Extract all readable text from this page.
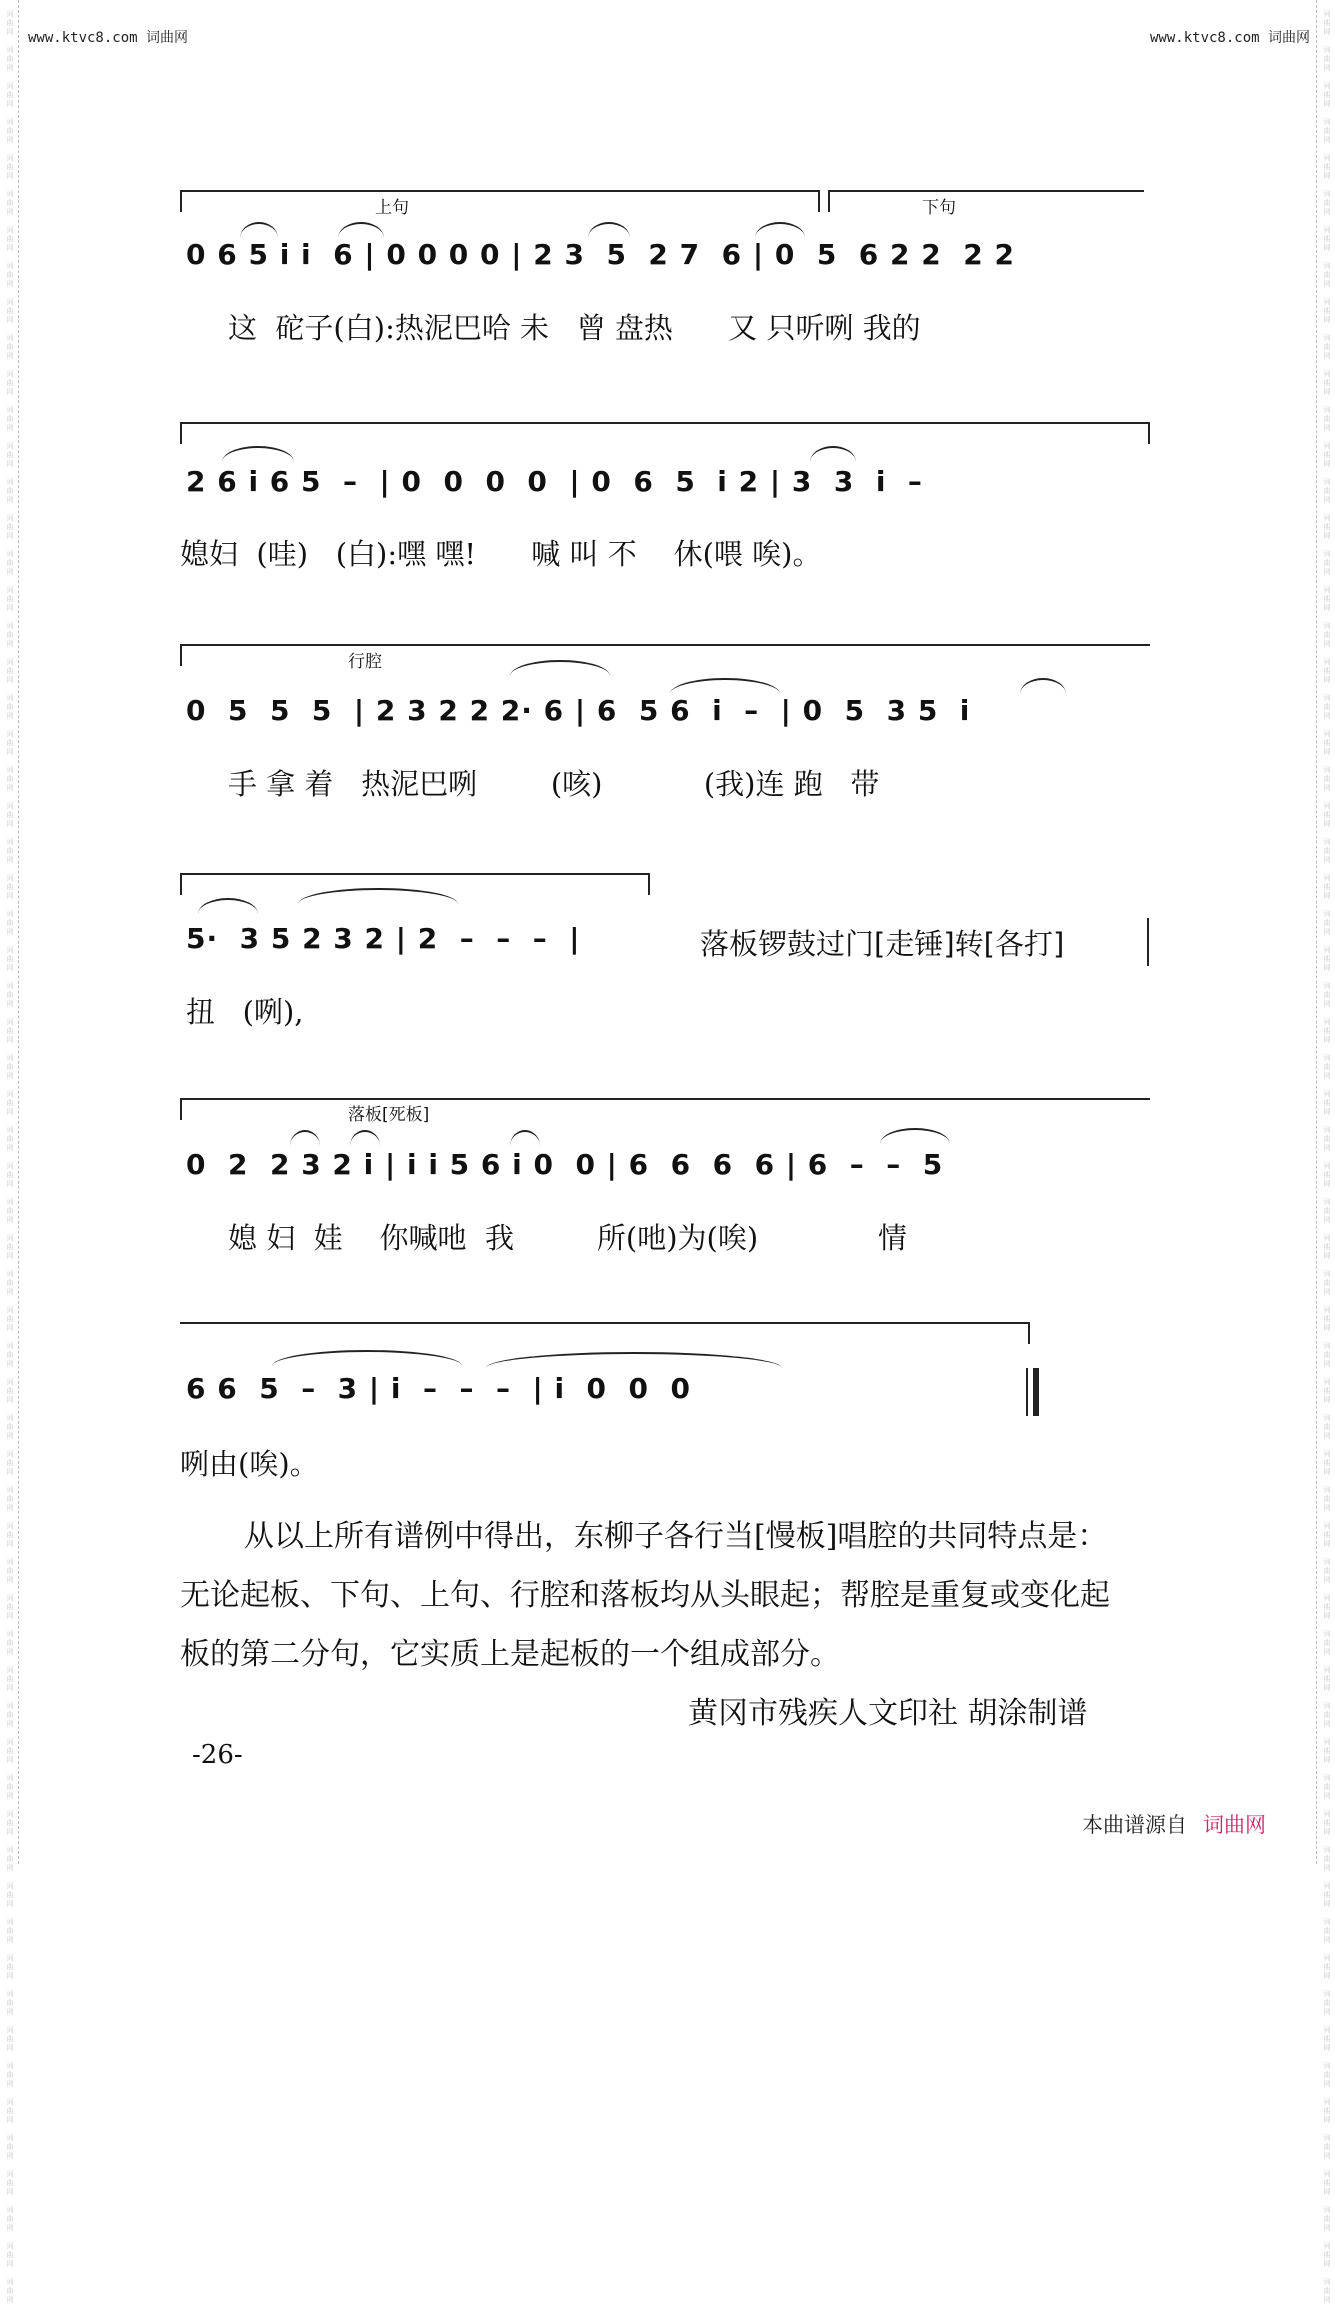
词
曲
网

词
曲
网

词
曲
网

词
曲
网

词
曲
网

词
曲
网

词
曲
网

词
曲
网

词
曲
网

词
曲
网

词
曲
网

词
曲
网

词
曲
网

词
曲
网

词
曲
网

词
曲
网

词
曲
网

词
曲
网

词
曲
网

词
曲
网

词
曲
网

词
曲
网

词
曲
网

词
曲
网

词
曲
网

词
曲
网

词
曲
网

词
曲
网

词
曲
网

词
曲
网

词
曲
网

词
曲
网

词
曲
网

词
曲
网

词
曲
网

词
曲
网

词
曲
网

词
曲
网

词
曲
网

词
曲
网

词
曲
网

词
曲
网

词
曲
网

词
曲
网

词
曲
网

词
曲
网

词
曲
网

词
曲
网

词
曲
网

词
曲
网

词
曲
网

词
曲
网

词
曲
网

词
曲
网

词
曲
网

词
曲
网

词
曲
网

词
曲
网

词
曲
网

词
曲
网

词
曲
网

词
曲
网

词
曲
网

词
曲
网

词
曲
网

词
曲
网

词
曲
网

词
曲
网

词
曲
网

词
曲
网

词
曲
网

词
曲
网

词
曲
网

词
曲
网

词
曲
网

词
曲
网

词
曲
网

词
曲
网

词
曲
网

词
曲
网

词
曲
网

词
曲
网

词
曲
网

词
曲
网

词
曲
网

词
曲
网

词
曲
网

词
曲
网

词
曲
网

词
曲
网

词
曲
网

词
曲
网

词
曲
网

词
曲
网

词
曲
网

词
曲
网

词
曲
网

词
曲
网

词
曲
网

词
曲
网

词
曲
网

词
曲
网

词
曲
网

词
曲
网

词
曲
网

词
曲
网

词
曲
网

词
曲
网

词
曲
网

词
曲
网

词
曲
网

词
曲
网

词
曲
网

词
曲
网

词
曲
网

词
曲
网

词
曲
网

词
曲
网

词
曲
网

词
曲
网

词
曲
网

词
曲
网

词
曲
网

词
曲
网

词
曲
网

词
曲
网

词
曲
网

词
曲
网

www.ktvc8.com 词曲网	www.ktvc8.com 词曲网
上句	下句
0 6 5 i i  6 | 0 0 0 0 | 2 3  5  2 7  6 | 0  5  6 2 2  2 2
这  砣子(白):热泥巴哈 未   曾 盘热      又 只听咧 我的
2 6 i 6 5  –  | 0  0  0  0  | 0  6  5  i 2 | 3  3  i  –
媳妇  (哇)   (白):嘿 嘿!      喊 叫 不    休(喂 唉)。
行腔
0  5  5  5  | 2 3 2 2 2· 6 | 6  5 6  i  –  | 0  5  3 5  i
手 拿 着   热泥巴咧        (咳)           (我)连 跑   带
5·  3 5 2 3 2 | 2  –  –  –  |	落板锣鼓过门[走锤]转[各打]
扭   (咧),
落板[死板]
0  2  2 3 2 i | i i 5 6 i 0  0 | 6  6  6  6 | 6  –  –  5
媳 妇  娃    你喊吔  我         所(吔)为(唉)             情
6 6  5  –  3 | i  –  –  –  | i  0  0  0
咧由(唉)。

从以上所有谱例中得出，东柳子各行当[慢板]唱腔的共同特点是：

无论起板、下句、上句、行腔和落板均从头眼起；帮腔是重复或变化起

板的第二分句，它实质上是起板的一个组成部分。

黄冈市残疾人文印社 胡涂制谱
-26-
本曲谱源自 词曲网
